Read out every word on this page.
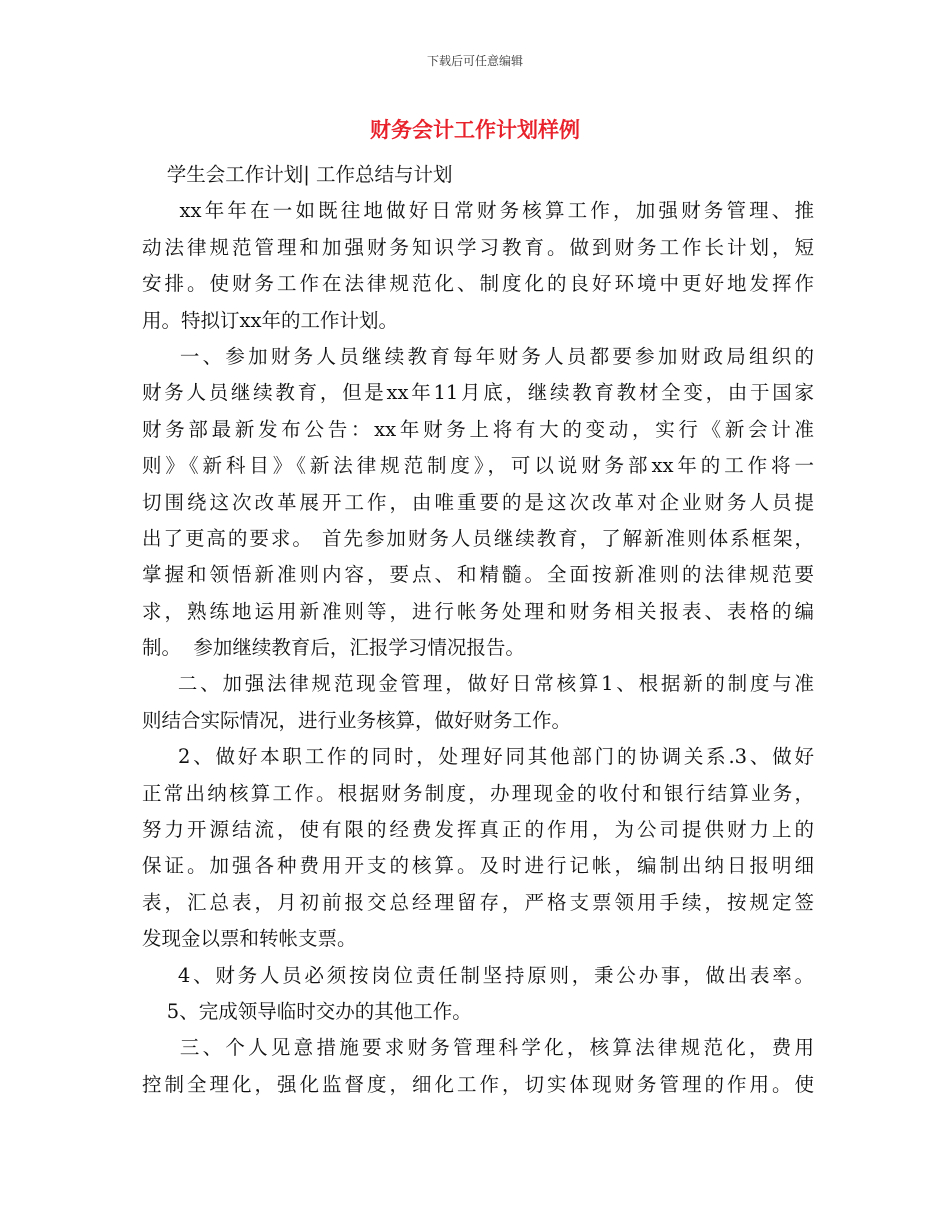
下载后可任意编辑
财务会计工作计划样例
学生会工作计划| 工作总结与计划
xx年年在一如既往地做好日常财务核算工作，加强财务管理、推
动法律规范管理和加强财务知识学习教育。做到财务工作长计划，短
安排。使财务工作在法律规范化、制度化的良好环境中更好地发挥作
用。特拟订xx年的工作计划。
一、参加财务人员继续教育每年财务人员都要参加财政局组织的
财务人员继续教育，但是xx年11月底，继续教育教材全变，由于国家
财务部最新发布公告：xx年财务上将有大的变动，实行《新会计准
则》《新科目》《新法律规范制度》，可以说财务部xx年的工作将一
切围绕这次改革展开工作，由唯重要的是这次改革对企业财务人员提
出了更高的要求。 首先参加财务人员继续教育，了解新准则体系框架，
掌握和领悟新准则内容，要点、和精髓。全面按新准则的法律规范要
求，熟练地运用新准则等，进行帐务处理和财务相关报表、表格的编
制。  参加继续教育后，汇报学习情况报告。
二、加强法律规范现金管理，做好日常核算1、根据新的制度与准
则结合实际情况，进行业务核算，做好财务工作。
2、做好本职工作的同时，处理好同其他部门的协调关系.3、做好
正常出纳核算工作。根据财务制度，办理现金的收付和银行结算业务，
努力开源结流，使有限的经费发挥真正的作用，为公司提供财力上的
保证。加强各种费用开支的核算。及时进行记帐，编制出纳日报明细
表，汇总表，月初前报交总经理留存，严格支票领用手续，按规定签
发现金以票和转帐支票。
4、财务人员必须按岗位责任制坚持原则，秉公办事，做出表率。
5、完成领导临时交办的其他工作。
三、个人见意措施要求财务管理科学化，核算法律规范化，费用
控制全理化，强化监督度，细化工作，切实体现财务管理的作用。使
